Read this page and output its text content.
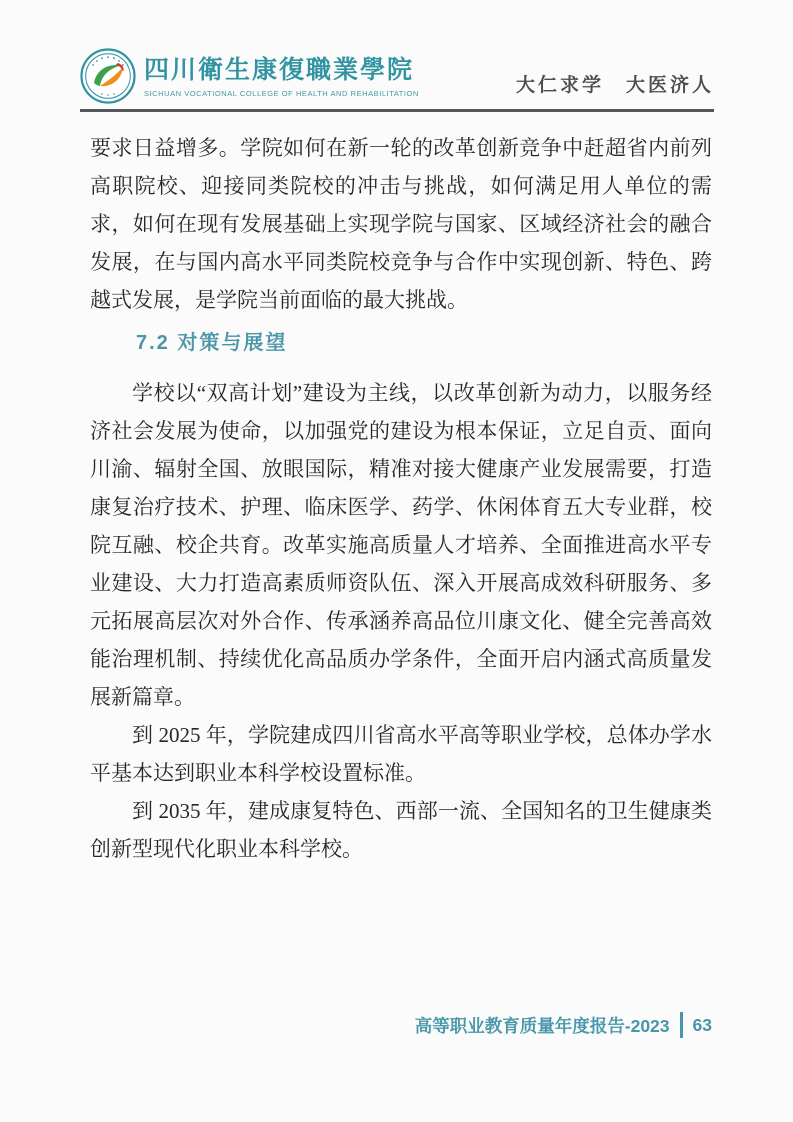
四川衛生康復職業學院
SICHUAN VOCATIONAL COLLEGE OF HEALTH AND REHABILITATION	大仁求学　大医济人

要求日益增多。学院如何在新一轮的改革创新竞争中赶超省内前列高职院校、迎接同类院校的冲击与挑战，如何满足用人单位的需求，如何在现有发展基础上实现学院与国家、区域经济社会的融合发展，在与国内高水平同类院校竞争与合作中实现创新、特色、跨越式发展，是学院当前面临的最大挑战。

7.2 对策与展望

学校以“双高计划”建设为主线，以改革创新为动力，以服务经济社会发展为使命，以加强党的建设为根本保证，立足自贡、面向川渝、辐射全国、放眼国际，精准对接大健康产业发展需要，打造康复治疗技术、护理、临床医学、药学、休闲体育五大专业群，校院互融、校企共育。改革实施高质量人才培养、全面推进高水平专业建设、大力打造高素质师资队伍、深入开展高成效科研服务、多元拓展高层次对外合作、传承涵养高品位川康文化、健全完善高效能治理机制、持续优化高品质办学条件，全面开启内涵式高质量发展新篇章。

到 2025 年，学院建成四川省高水平高等职业学校，总体办学水平基本达到职业本科学校设置标准。

到 2035 年，建成康复特色、西部一流、全国知名的卫生健康类创新型现代化职业本科学校。

高等职业教育质量年度报告-2023 63
